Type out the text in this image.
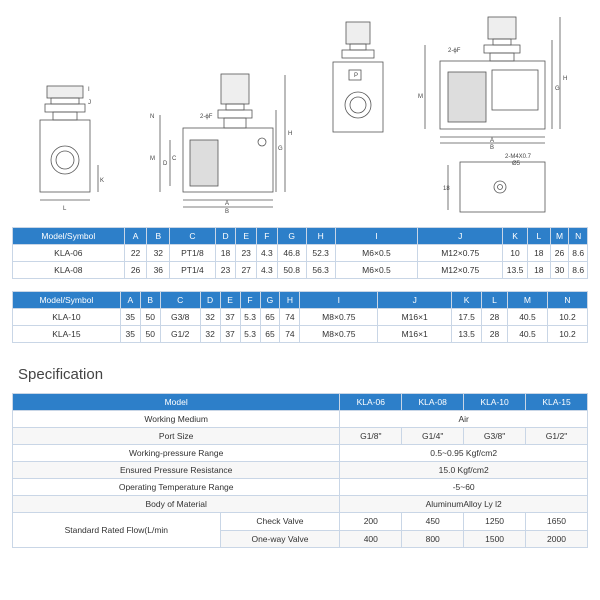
I
J
L
K
N
M
D
C
2-ϕF
H
G
A
B
P
2-ϕF
M
H
G
A
B
2-M4X0.7
Ø5
18
Model/Symbol	A	B	C	D	E	F	G	H	I	J	K	L	M	N
KLA-06	22	32	PT1/8	18	23	4.3	46.8	52.3	M6×0.5	M12×0.75	10	18	26	8.6
KLA-08	26	36	PT1/4	23	27	4.3	50.8	56.3	M6×0.5	M12×0.75	13.5	18	30	8.6
Model/Symbol	A	B	C	D	E	F	G	H	I	J	K	L	M	N
KLA-10	35	50	G3/8	32	37	5.3	65	74	M8×0.75	M16×1	17.5	28	40.5	10.2
KLA-15	35	50	G1/2	32	37	5.3	65	74	M8×0.75	M16×1	13.5	28	40.5	10.2
Specification
Model		KLA-06	KLA-08	KLA-10	KLA-15
Working Medium		Air			
Port Size		G1/8"	G1/4"	G3/8"	G1/2"
Working-pressure Range		0.5~0.95 Kgf/cm2			
Ensured Pressure Resistance		15.0 Kgf/cm2			
Operating Temperature Range		-5~60			
Body of Material		AluminumAlloy Ly l2			
Standard Rated Flow(L/min	Check Valve	200	450	1250	1650
	One-way Valve	400	800	1500	2000
